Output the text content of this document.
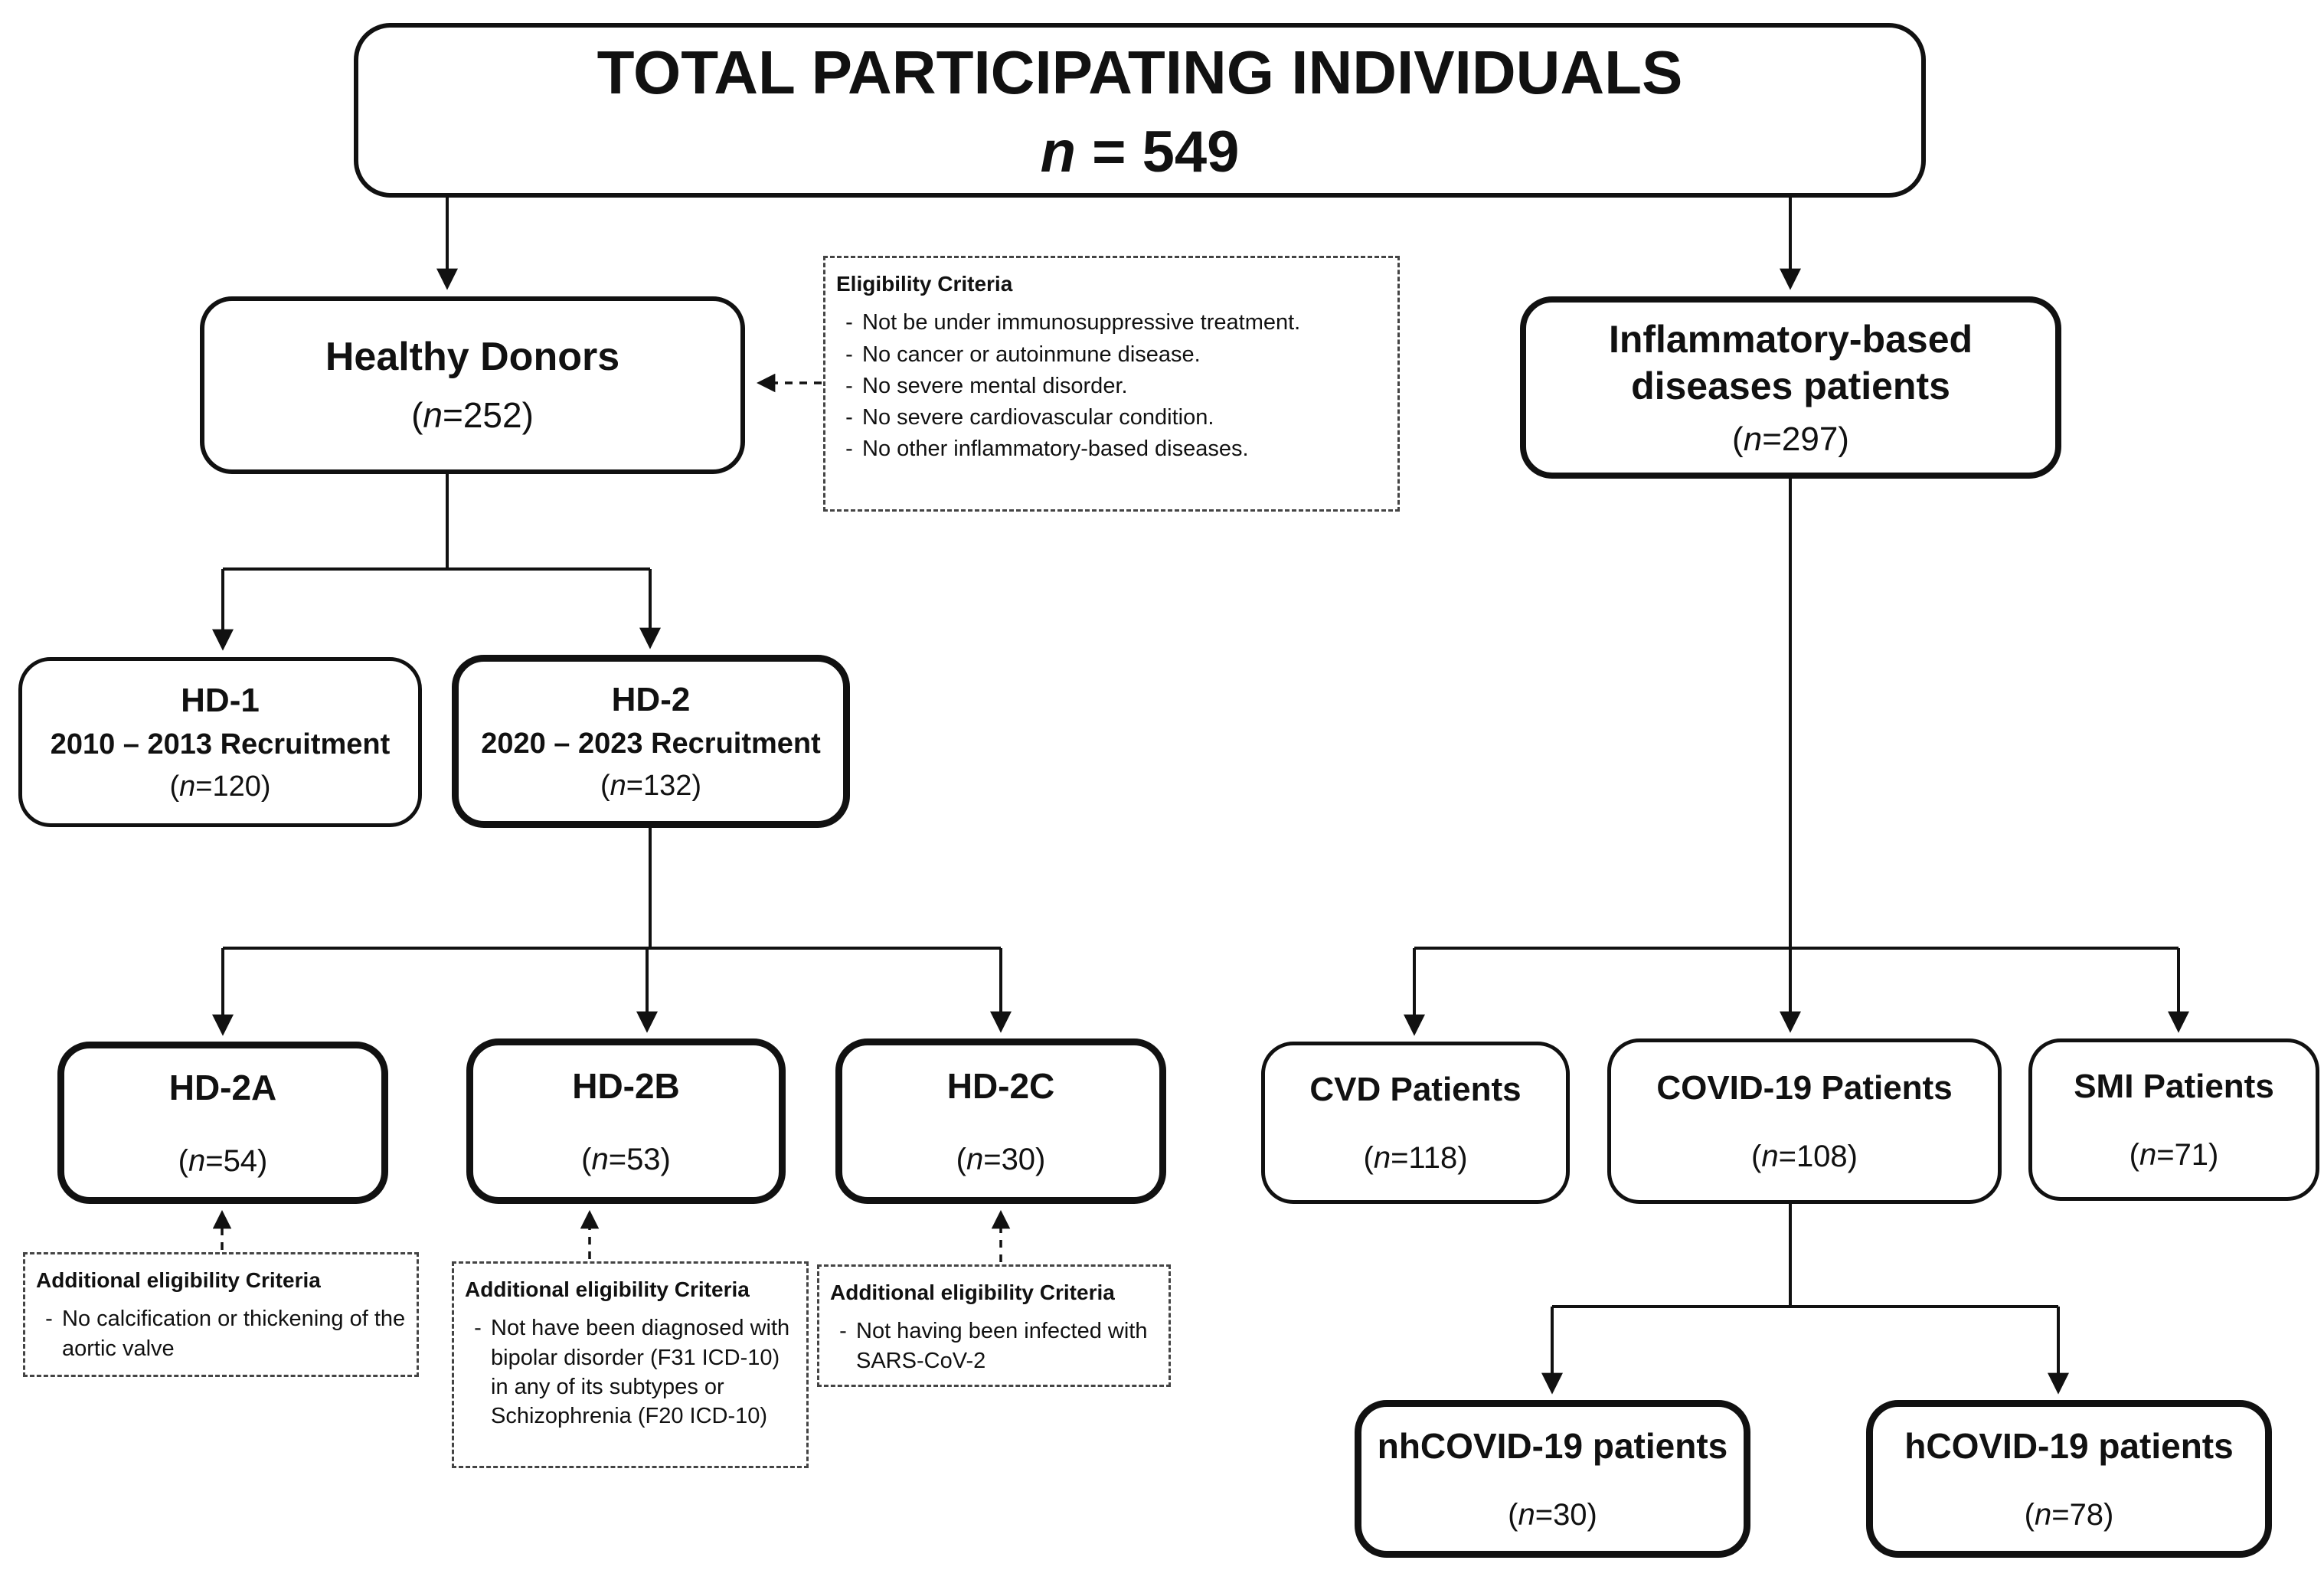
TOTAL PARTICIPATING INDIVIDUALS
n = 549
Healthy Donors
(n=252)
Eligibility Criteria
- Not be under immunosuppressive treatment.
- No cancer or autoinmune disease.
- No severe mental disorder.
- No severe cardiovascular condition.
- No other inflammatory-based diseases.
Inflammatory-based
diseases patients
(n=297)
HD-1
2010 – 2013 Recruitment
(n=120)
HD-2
2020 – 2023 Recruitment
(n=132)
HD-2A
(n=54)
HD-2B
(n=53)
HD-2C
(n=30)
Additional eligibility Criteria
- No calcification or thickening of the aortic valve
Additional eligibility Criteria
- Not have been diagnosed with bipolar disorder (F31 ICD-10) in any of its subtypes or Schizophrenia (F20 ICD-10)
Additional eligibility Criteria
- Not having been infected with SARS-CoV-2
CVD Patients
(n=118)
COVID-19 Patients
(n=108)
SMI Patients
(n=71)
nhCOVID-19 patients
(n=30)
hCOVID-19 patients
(n=78)
